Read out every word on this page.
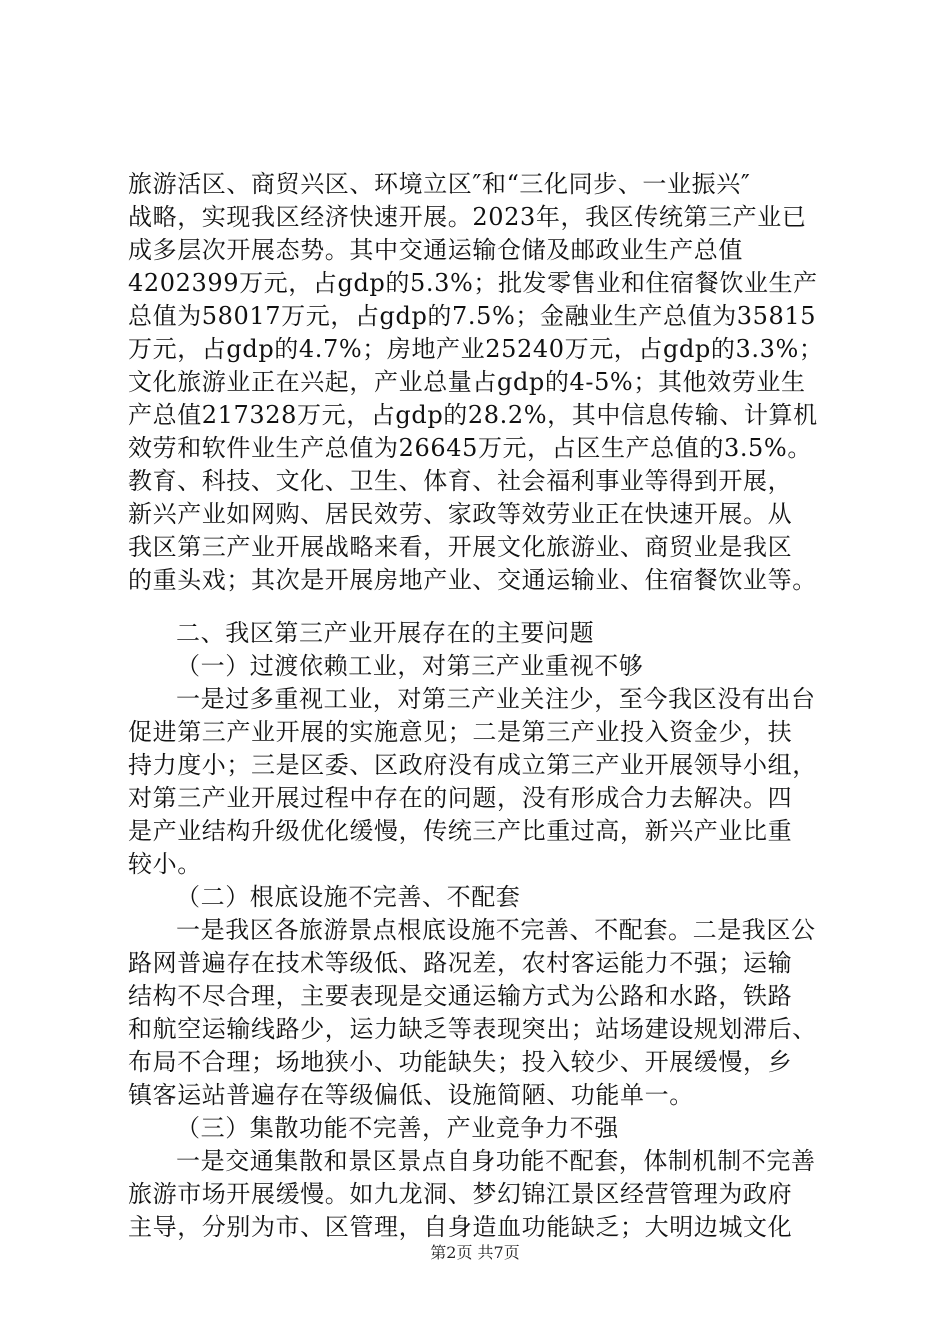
旅游活区、商贸兴区、环境立区″和“三化同步、一业振兴″
战略，实现我区经济快速开展。2023年，我区传统第三产业已
成多层次开展态势。其中交通运输仓储及邮政业生产总值
4202399万元，占gdp的5.3%；批发零售业和住宿餐饮业生产
总值为58017万元，占gdp的7.5%；金融业生产总值为35815
万元，占gdp的4.7%；房地产业25240万元，占gdp的3.3%；
文化旅游业正在兴起，产业总量占gdp的4-5%；其他效劳业生
产总值217328万元，占gdp的28.2%，其中信息传输、计算机
效劳和软件业生产总值为26645万元，占区生产总值的3.5%。
教育、科技、文化、卫生、体育、社会福利事业等得到开展，
新兴产业如网购、居民效劳、家政等效劳业正在快速开展。从
我区第三产业开展战略来看，开展文化旅游业、商贸业是我区
的重头戏；其次是开展房地产业、交通运输业、住宿餐饮业等。
二、我区第三产业开展存在的主要问题
（一）过渡依赖工业，对第三产业重视不够
一是过多重视工业，对第三产业关注少，至今我区没有出台
促进第三产业开展的实施意见；二是第三产业投入资金少，扶
持力度小；三是区委、区政府没有成立第三产业开展领导小组，
对第三产业开展过程中存在的问题，没有形成合力去解决。四
是产业结构升级优化缓慢，传统三产比重过高，新兴产业比重
较小。
（二）根底设施不完善、不配套
一是我区各旅游景点根底设施不完善、不配套。二是我区公
路网普遍存在技术等级低、路况差，农村客运能力不强；运输
结构不尽合理，主要表现是交通运输方式为公路和水路，铁路
和航空运输线路少，运力缺乏等表现突出；站场建设规划滞后、
布局不合理；场地狭小、功能缺失；投入较少、开展缓慢，乡
镇客运站普遍存在等级偏低、设施简陋、功能单一。
（三）集散功能不完善，产业竞争力不强
一是交通集散和景区景点自身功能不配套，体制机制不完善
旅游市场开展缓慢。如九龙洞、梦幻锦江景区经营管理为政府
主导，分别为市、区管理，自身造血功能缺乏；大明边城文化
第2页 共7页
